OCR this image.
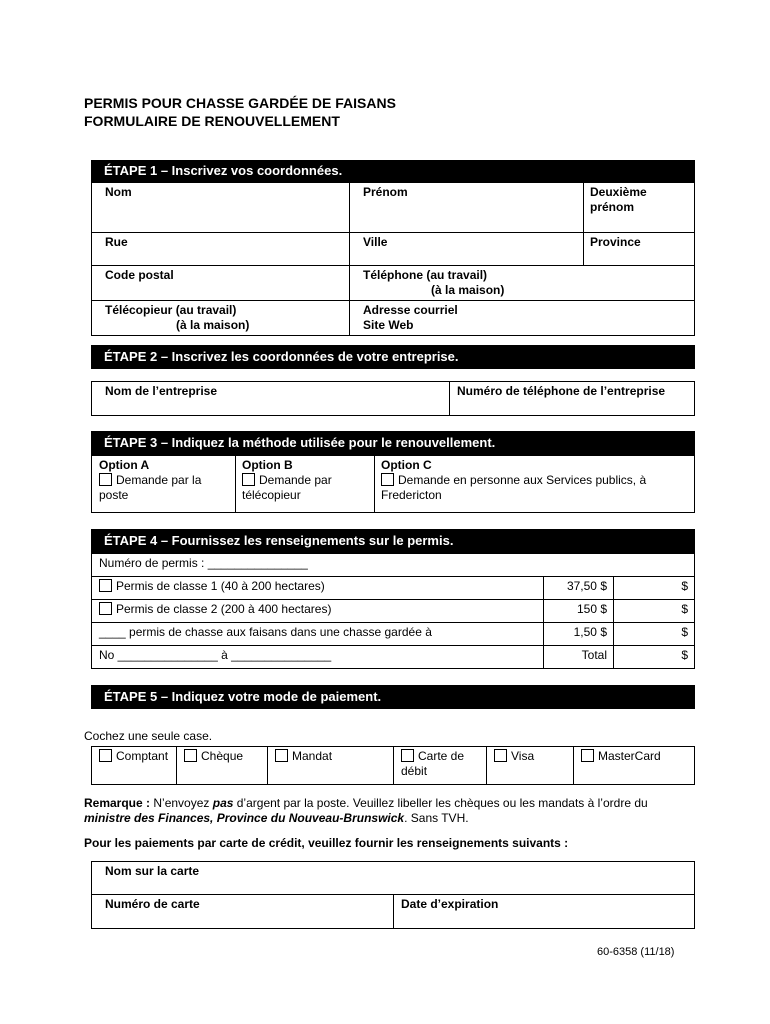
PERMIS POUR CHASSE GARDÉE DE FAISANS
FORMULAIRE DE RENOUVELLEMENT
ÉTAPE 1 – Inscrivez vos coordonnées.
Nom	Prénom	Deuxième
prénom
Rue	Ville	Province
Code postal	Téléphone (au travail)
(à la maison)	
Télécopieur (au travail)
(à la maison)	Adresse courriel
Site Web	
ÉTAPE 2 – Inscrivez les coordonnées de votre entreprise.
Nom de l’entreprise	Numéro de téléphone de l’entreprise
ÉTAPE 3 – Indiquez la méthode utilisée pour le renouvellement.
Option A
Demande par la
poste

Option B
Demande par
télécopieur

Option C
Demande en personne aux Services publics, à
Fredericton
ÉTAPE 4 – Fournissez les renseignements sur le permis.
Numéro de permis : _______________		
Permis de classe 1 (40 à 200 hectares)	37,50 $	$
Permis de classe 2 (200 à 400 hectares)	150 $	$
____ permis de chasse aux faisans dans une chasse gardée à	1,50 $	$
No _______________ à _______________	Total	$
ÉTAPE 5 – Indiquez votre mode de paiement.
Cochez une seule case.
Comptant	Chèque	Mandat	Carte de
débit	Visa	MasterCard
Remarque : N’envoyez pas d’argent par la poste. Veuillez libeller les chèques ou les mandats à l’ordre du
ministre des Finances, Province du Nouveau-Brunswick. Sans TVH.
Pour les paiements par carte de crédit, veuillez fournir les renseignements suivants :
Nom sur la carte
Numéro de carte	Date d’expiration
60-6358 (11/18)
